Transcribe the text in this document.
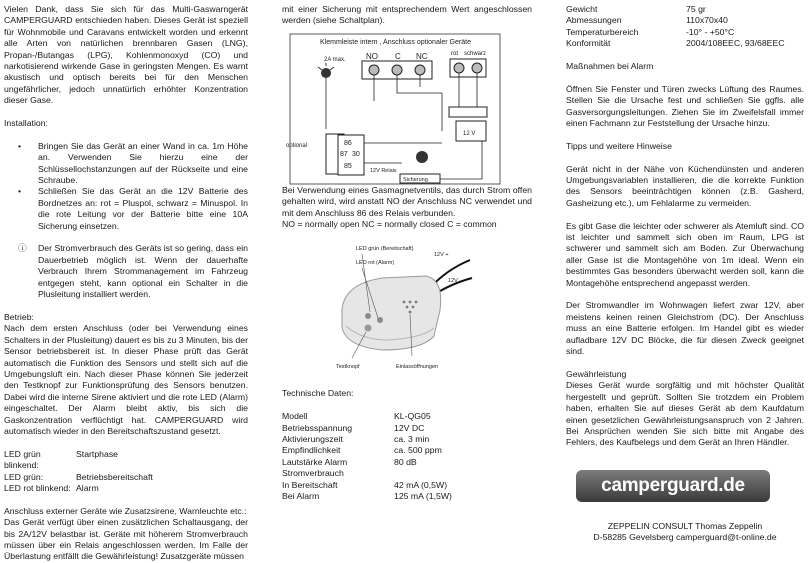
Vielen Dank, dass Sie sich für das Multi-Gaswarngerät CAMPERGUARD entschieden haben. Dieses Gerät ist speziell für Wohnmobile und Caravans entwickelt worden und erkennt alle Arten von natürlichen brennbaren Gasen (LNG), Propan-/Butangas (LPG), Kohlenmonoxyd (CO) und narkotisierend wirkende Gase in geringsten Mengen. Es warnt akustisch und optisch bereits bei für den Menschen ungefährlicher, jedoch unnatürlich erhöhter Konzentration dieser Gase.

Installation:

•	Bringen Sie das Gerät an einer Wand in ca. 1m Höhe an. Verwenden Sie hierzu eine der Schlüssellochstanzungen auf der Rückseite und eine Schraube.
•	Schließen Sie das Gerät an die 12V Batterie des Bordnetzes an: rot = Pluspol, schwarz = Minuspol. In die rote Leitung vor der Batterie bitte eine 10A Sicherung einsetzen.
ⓘ	Der Stromverbrauch des Geräts ist so gering, dass ein Dauerbetrieb möglich ist. Wenn der dauerhafte Verbrauch Ihrem Strommanagement im Fahrzeug entgegen steht, kann optional ein Schalter in die Plusleitung installiert werden.

Betrieb:

Nach dem ersten Anschluss (oder bei Verwendung eines Schalters in der Plusleitung) dauert es bis zu 3 Minuten, bis der Sensor betriebsbereit ist. In dieser Phase prüft das Gerät automatisch die Funktion des Sensors und stellt sich auf die Umgebungsluft ein. Nach dieser Phase können Sie jederzeit den Testknopf zur Funktionsprüfung des Sensors benutzen. Dabei wird die interne Sirene aktiviert und die rote LED (Alarm) eingeschaltet. Der Alarm bleibt aktiv, bis sich die Gaskonzentration verflüchtigt hat. CAMPERGUARD wird automatisch wieder in den Bereitschaftszustand gesetzt.

LED grün blinkend:
Startphase
LED grün:	Betriebsbereitschaft
LED rot blinkend: Alarm

Anschluss externer Geräte wie Zusatzsirene, Warnleuchte etc.:

Das Gerät verfügt über einen zusätzlichen Schaltausgang, der bis 2A/12V belastbar ist. Geräte mit höherem Stromverbrauch müssen über ein Relais angeschlossen werden. Im Falle der Überlastung entfällt die Gewährleistung! Zusatzgeräte müssen

mit einer Sicherung mit entsprechendem Wert angeschlossen werden (siehe Schaltplan).

Klemmleiste intern , Anschluss optionaler Geräte
2A max.	NO C NC	rot schwarz
12 V
optional	86
87 30
85
12V Relais
Sicherung

Bei Verwendung eines Gasmagnetventils, das durch Strom offen gehalten wird, wird anstatt NO der Anschluss NC verwendet und mit dem Anschluss 86 des Relais verbunden.

NO = normally open NC = normally closed C = common

LED grün (Bereitschaft)
LED rot (Alarm)
12V +
12V -
Testknopf	Einlassöffnungen

Technische Daten:

Modell	KL-QG05
Betriebsspannung	12V DC
Aktivierungszeit	ca. 3 min
Empfindlichkeit	ca. 500 ppm
Lautstärke Alarm	80 dB
Stromverbrauch
In Bereitschaft	42 mA (0,5W)
Bei Alarm	125 mA (1,5W)
Gewicht	75 gr
Abmessungen	110x70x40
Temperaturbereich	-10° - +50°C
Konformität	2004/108EEC, 93/68EEC

Maßnahmen bei Alarm

Öffnen Sie Fenster und Türen zwecks Lüftung des Raumes. Stellen Sie die Ursache fest und schließen Sie ggfls. alle Gasversorgungsleitungen. Ziehen Sie im Zweifelsfall immer einen Fachmann zur Feststellung der Ursache hinzu.

Tipps und weitere Hinweise

Gerät nicht in der Nähe von Küchendünsten und anderen Umgebungsvariablen installieren, die die korrekte Funktion des Sensors beeinträchtigen können (z.B. Gasherd, Gasheizung etc.), um Fehlalarme zu vermeiden.

Es gibt Gase die leichter oder schwerer als Atemluft sind. CO ist leichter und sammelt sich oben im Raum, LPG ist schwerer und sammelt sich am Boden. Zur Überwachung aller Gase ist die Montagehöhe von 1m ideal. Wenn ein bestimmtes Gas besonders überwacht werden soll, kann die Montagehöhe entsprechend angepasst werden.

Der Stromwandler im Wohnwagen liefert zwar 12V, aber meistens keinen reinen Gleichstrom (DC). Der Anschluss muss an eine Batterie erfolgen. Im Handel gibt es wieder aufladbare 12V DC Blöcke, die für diesen Zweck geeignet sind.

Gewährleistung

Dieses Gerät wurde sorgfältig und mit höchster Qualität hergestellt und geprüft. Sollten Sie trotzdem ein Problem haben, erhalten Sie auf dieses Gerät ab dem Kaufdatum einen gesetzlichen Gewährleistungsanspruch von 2 Jahren. Bei Ansprüchen wenden Sie sich bitte mit Angabe des Fehlers, des Kaufbelegs und dem Gerät an Ihren Händler.

camperguard.de
ZEPPELIN CONSULT Thomas Zeppelin
D-58285 Gevelsberg camperguard@t-online.de
